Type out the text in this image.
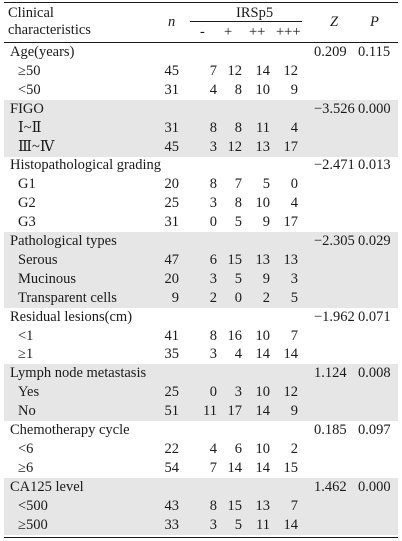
Clinical
characteristics	n
IRSp5
- + ++ +++
Z P
Age(years)	0.209 0.115
≥50	45	7 12 14 12
<50	31	4	8 10	9
FIGO	−3.526 0.000
Ⅰ~Ⅱ	31	8	8 11	4
Ⅲ~Ⅳ	45	3 12 13 17
Histopathological grading	−2.471 0.013
G1	20	8	7	5	0
G2	25	3	8 10	4
G3	31	0	5	9 17
Pathological types	−2.305 0.029
Serous	47	6 15 13 13
Mucinous	20	3	5	9	3
Transparent cells	9	2	0	2	5
Residual lesions(cm)	−1.962 0.071
<1	41	8 16 10	7
≥1	35	3	4 14 14
Lymph node metastasis	1.124 0.008
Yes	25	0	3 10 12
No	51	11 17 14	9
Chemotherapy cycle	0.185 0.097
<6	22	4	6 10	2
≥6	54	7 14 14 15
CA125 level	1.462 0.000
<500	43	8 15 13	7
≥500	33	3	5 11 14
